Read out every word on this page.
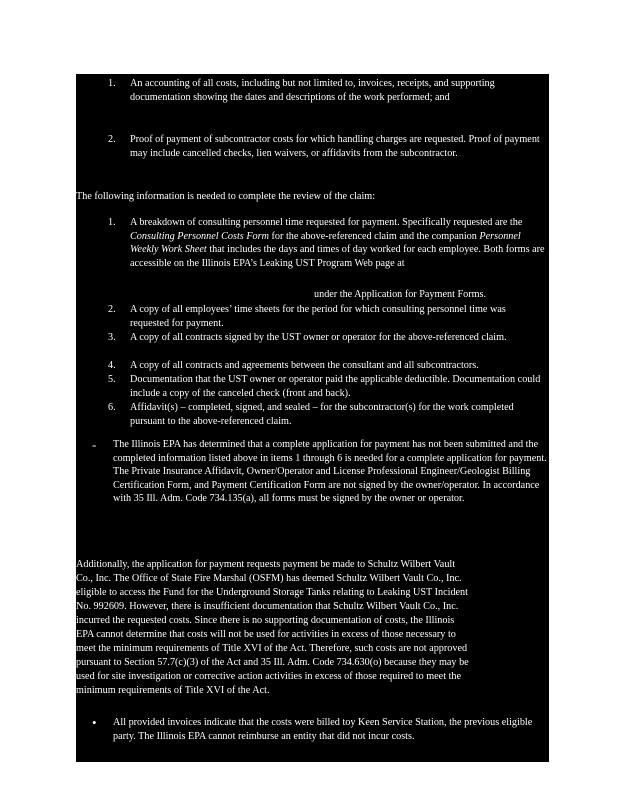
1. An accounting of all costs, including but not limited to, invoices, receipts, and supporting documentation showing the dates and descriptions of the work performed; and
2. Proof of payment of subcontractor costs for which handling charges are requested. Proof of payment may include cancelled checks, lien waivers, or affidavits from the subcontractor.
The following information is needed to complete the review of the claim:
1. A breakdown of consulting personnel time requested for payment. Specifically requested are the Consulting Personnel Costs Form for the above-referenced claim and the companion Personnel Weekly Work Sheet that includes the days and times of day worked for each employee. Both forms are accessible on the Illinois EPA’s Leaking UST Program Web page at
under the Application for Payment Forms.
2. A copy of all employees’ time sheets for the period for which consulting personnel time was requested for payment.
3. A copy of all contracts signed by the UST owner or operator for the above-referenced claim.
4. A copy of all contracts and agreements between the consultant and all subcontractors.
5. Documentation that the UST owner or operator paid the applicable deductible. Documentation could include a copy of the canceled check (front and back).
6. Affidavit(s) – completed, signed, and sealed – for the subcontractor(s) for the work completed pursuant to the above-referenced claim.
- The Illinois EPA has determined that a complete application for payment has not been submitted and the completed information listed above in items 1 through 6 is needed for a complete application for payment. The Private Insurance Affidavit, Owner/Operator and License Professional Engineer/Geologist Billing Certification Form, and Payment Certification Form are not signed by the owner/operator. In accordance with 35 Ill. Adm. Code 734.135(a), all forms must be signed by the owner or operator.
Additionally, the application for payment requests payment be made to Schultz Wilbert Vault
Co., Inc. The Office of State Fire Marshal (OSFM) has deemed Schultz Wilbert Vault Co., Inc.
eligible to access the Fund for the Underground Storage Tanks relating to Leaking UST Incident
No. 992609. However, there is insufficient documentation that Schultz Wilbert Vault Co., Inc.
incurred the requested costs. Since there is no supporting documentation of costs, the Illinois
EPA cannot determine that costs will not be used for activities in excess of those necessary to
meet the minimum requirements of Title XVI of the Act. Therefore, such costs are not approved
pursuant to Section 57.7(c)(3) of the Act and 35 Ill. Adm. Code 734.630(o) because they may be
used for site investigation or corrective action activities in excess of those required to meet the
minimum requirements of Title XVI of the Act.
• All provided invoices indicate that the costs were billed toy Keen Service Station, the previous eligible party. The Illinois EPA cannot reimburse an entity that did not incur costs.
